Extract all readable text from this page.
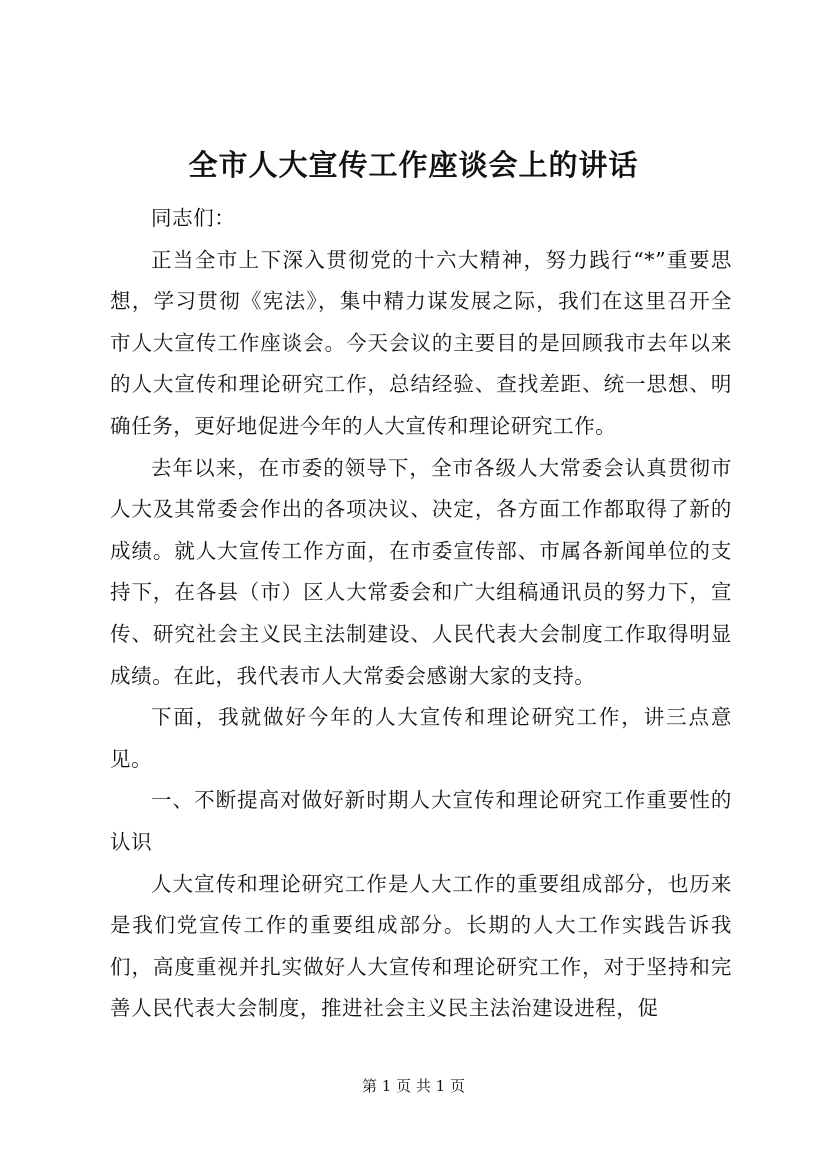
全市人大宣传工作座谈会上的讲话

同志们：

正当全市上下深入贯彻党的十六大精神，努力践行“*”重要思想，学习贯彻《宪法》，集中精力谋发展之际，我们在这里召开全市人大宣传工作座谈会。今天会议的主要目的是回顾我市去年以来的人大宣传和理论研究工作，总结经验、查找差距、统一思想、明确任务，更好地促进今年的人大宣传和理论研究工作。

去年以来，在市委的领导下，全市各级人大常委会认真贯彻市人大及其常委会作出的各项决议、决定，各方面工作都取得了新的成绩。就人大宣传工作方面，在市委宣传部、市属各新闻单位的支持下，在各县（市）区人大常委会和广大组稿通讯员的努力下，宣传、研究社会主义民主法制建设、人民代表大会制度工作取得明显成绩。在此，我代表市人大常委会感谢大家的支持。

下面，我就做好今年的人大宣传和理论研究工作，讲三点意见。

一、不断提高对做好新时期人大宣传和理论研究工作重要性的认识

人大宣传和理论研究工作是人大工作的重要组成部分，也历来是我们党宣传工作的重要组成部分。长期的人大工作实践告诉我们，高度重视并扎实做好人大宣传和理论研究工作，对于坚持和完善人民代表大会制度，推进社会主义民主法治建设进程，促

第 1 页 共 1 页
